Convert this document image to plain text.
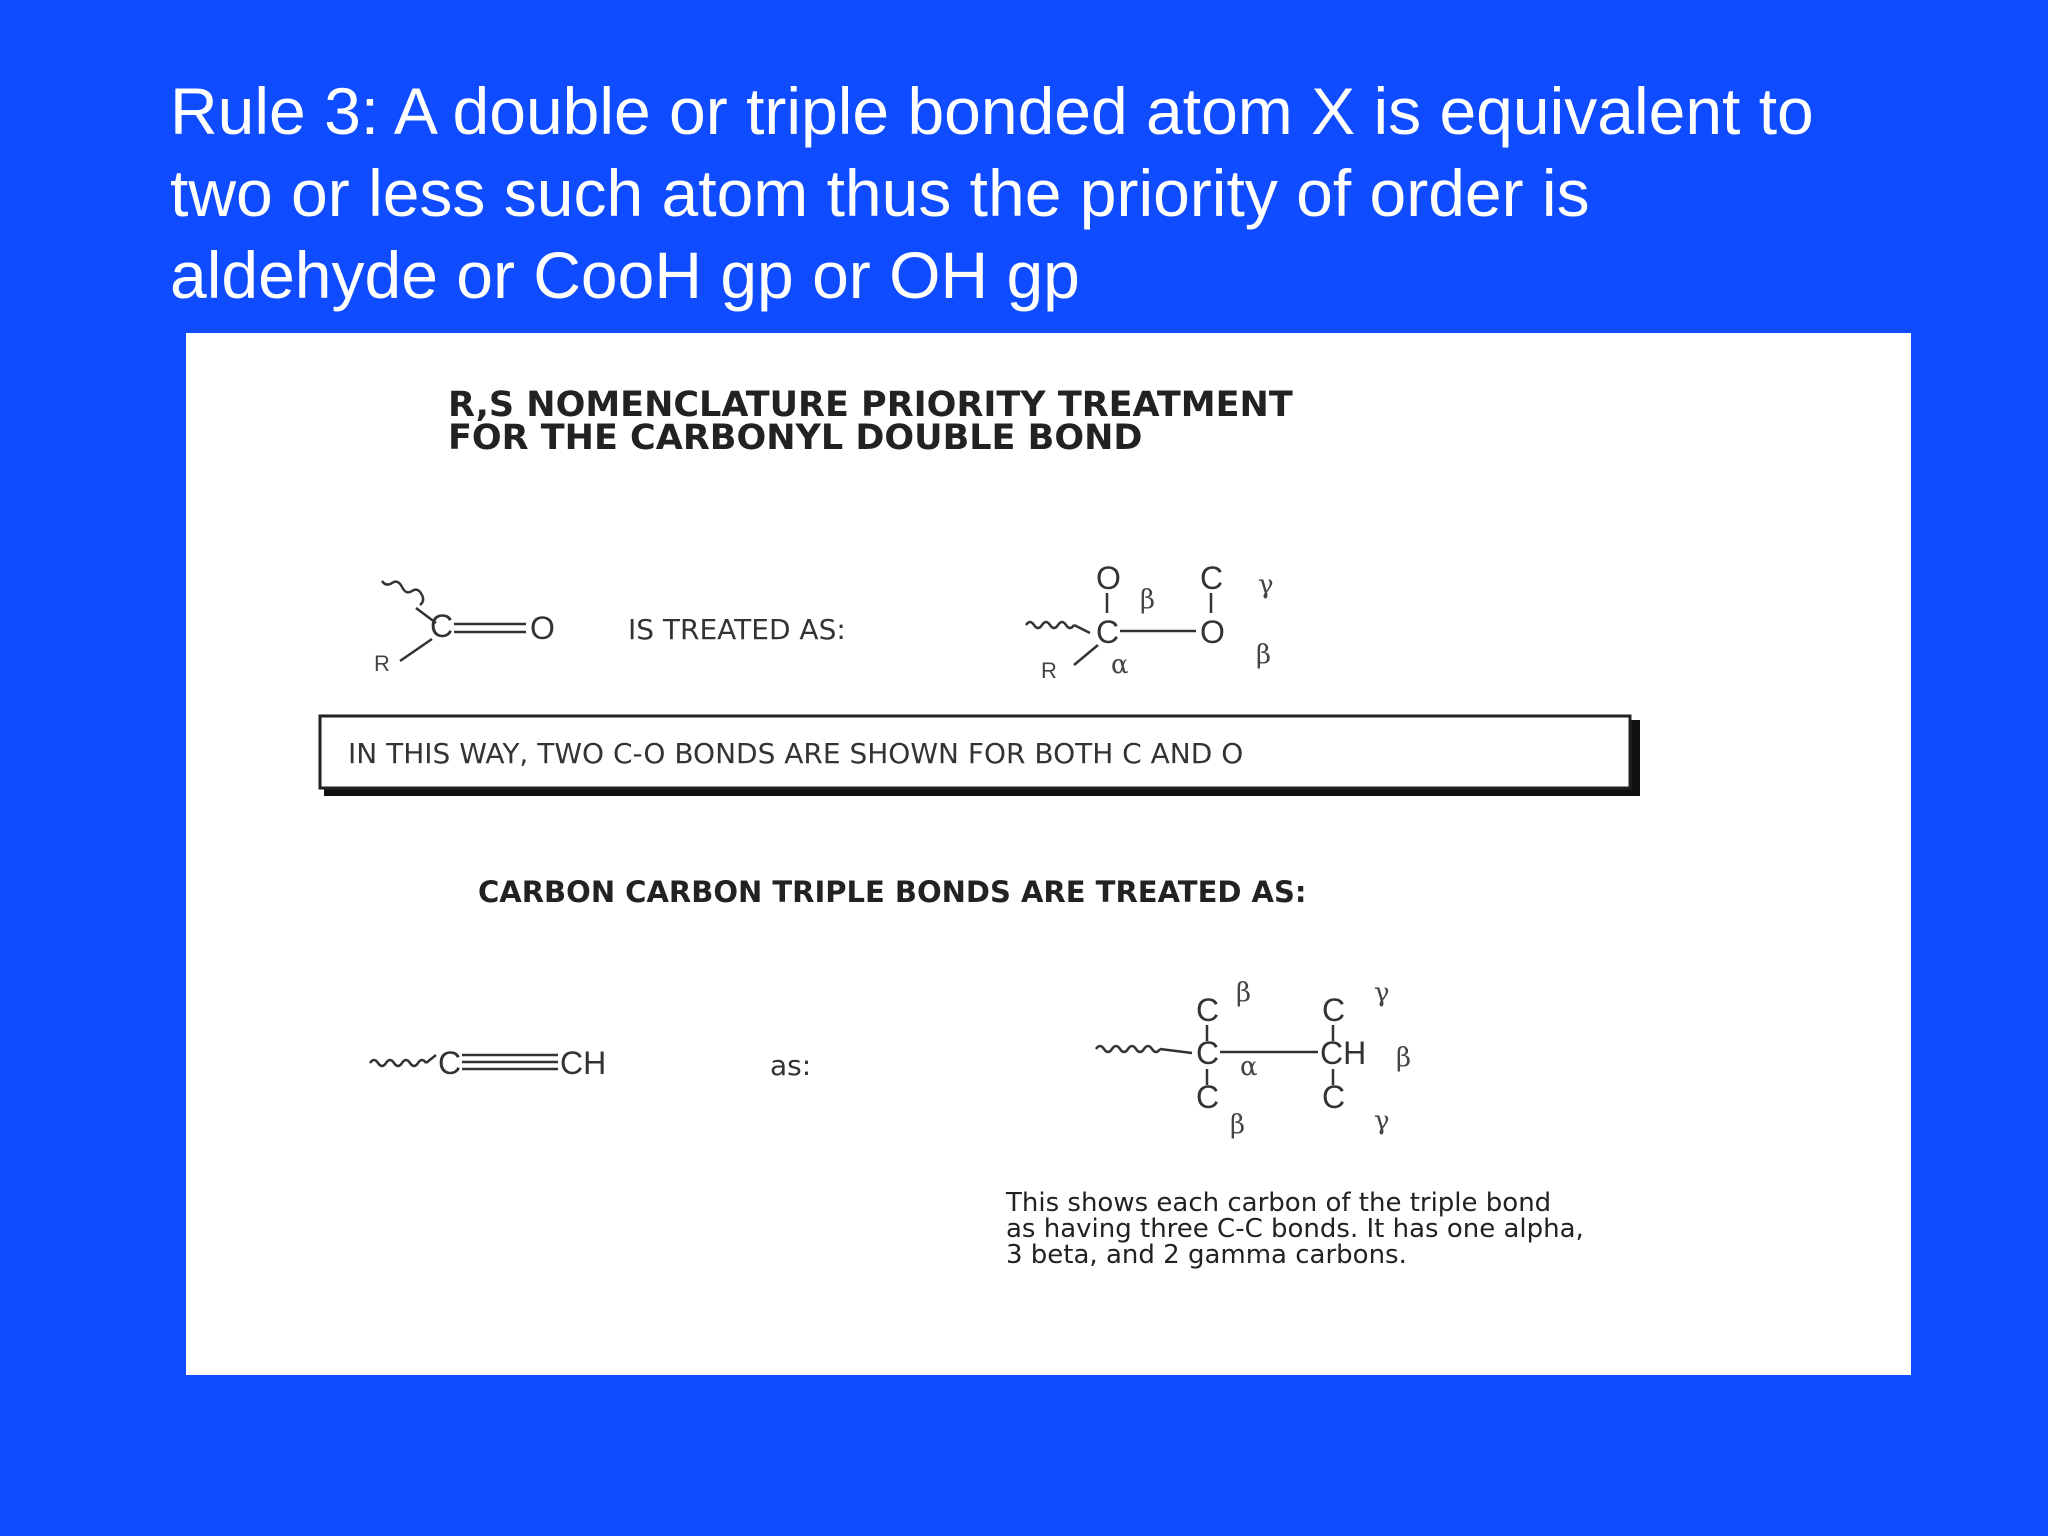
Rule 3: A double or triple bonded atom X is equivalent to
two or less such atom thus the priority of order is
aldehyde or CooH gp or OH gp
R,S NOMENCLATURE PRIORITY TREATMENT
FOR THE CARBONYL DOUBLE BOND
C O
R
IS TREATED AS:
O
β
C γ
C	O
R α	β
IN THIS WAY, TWO C-O BONDS ARE SHOWN FOR BOTH C AND O
CARBON CARBON TRIPLE BONDS ARE TREATED AS:
C	CH	as:
β	γ
C	C
C	CH β
α
C	C
β	γ
This shows each carbon of the triple bond
as having three C-C bonds. It has one alpha,
3 beta, and 2 gamma carbons.
